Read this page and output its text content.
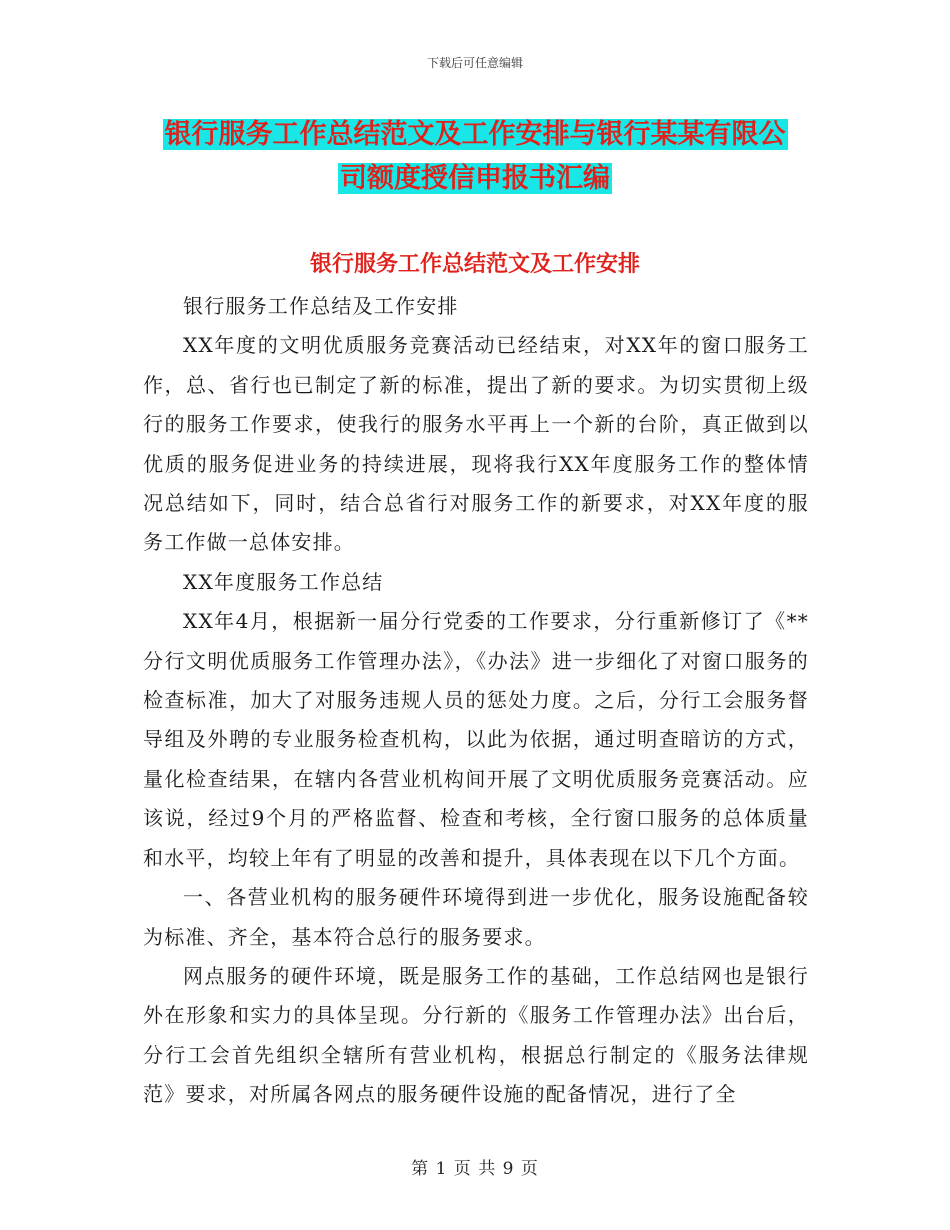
下载后可任意编辑
银行服务工作总结范文及工作安排与银行某某有限公
司额度授信申报书汇编
银行服务工作总结范文及工作安排

银行服务工作总结及工作安排

XX年度的文明优质服务竞赛活动已经结束，对XX年的窗口服务工作，总、省行也已制定了新的标准，提出了新的要求。为切实贯彻上级行的服务工作要求，使我行的服务水平再上一个新的台阶，真正做到以优质的服务促进业务的持续进展，现将我行XX年度服务工作的整体情况总结如下，同时，结合总省行对服务工作的新要求，对XX年度的服务工作做一总体安排。

XX年度服务工作总结

XX年4月，根据新一届分行党委的工作要求，分行重新修订了《**分行文明优质服务工作管理办法》，《办法》进一步细化了对窗口服务的检查标准，加大了对服务违规人员的惩处力度。之后，分行工会服务督导组及外聘的专业服务检查机构，以此为依据，通过明查暗访的方式，量化检查结果，在辖内各营业机构间开展了文明优质服务竞赛活动。应该说，经过9个月的严格监督、检查和考核，全行窗口服务的总体质量和水平，均较上年有了明显的改善和提升，具体表现在以下几个方面。

一、各营业机构的服务硬件环境得到进一步优化，服务设施配备较为标准、齐全，基本符合总行的服务要求。

网点服务的硬件环境，既是服务工作的基础，工作总结网也是银行外在形象和实力的具体呈现。分行新的《服务工作管理办法》出台后，分行工会首先组织全辖所有营业机构，根据总行制定的《服务法律规范》要求，对所属各网点的服务硬件设施的配备情况，进行了全

第 1 页 共 9 页
